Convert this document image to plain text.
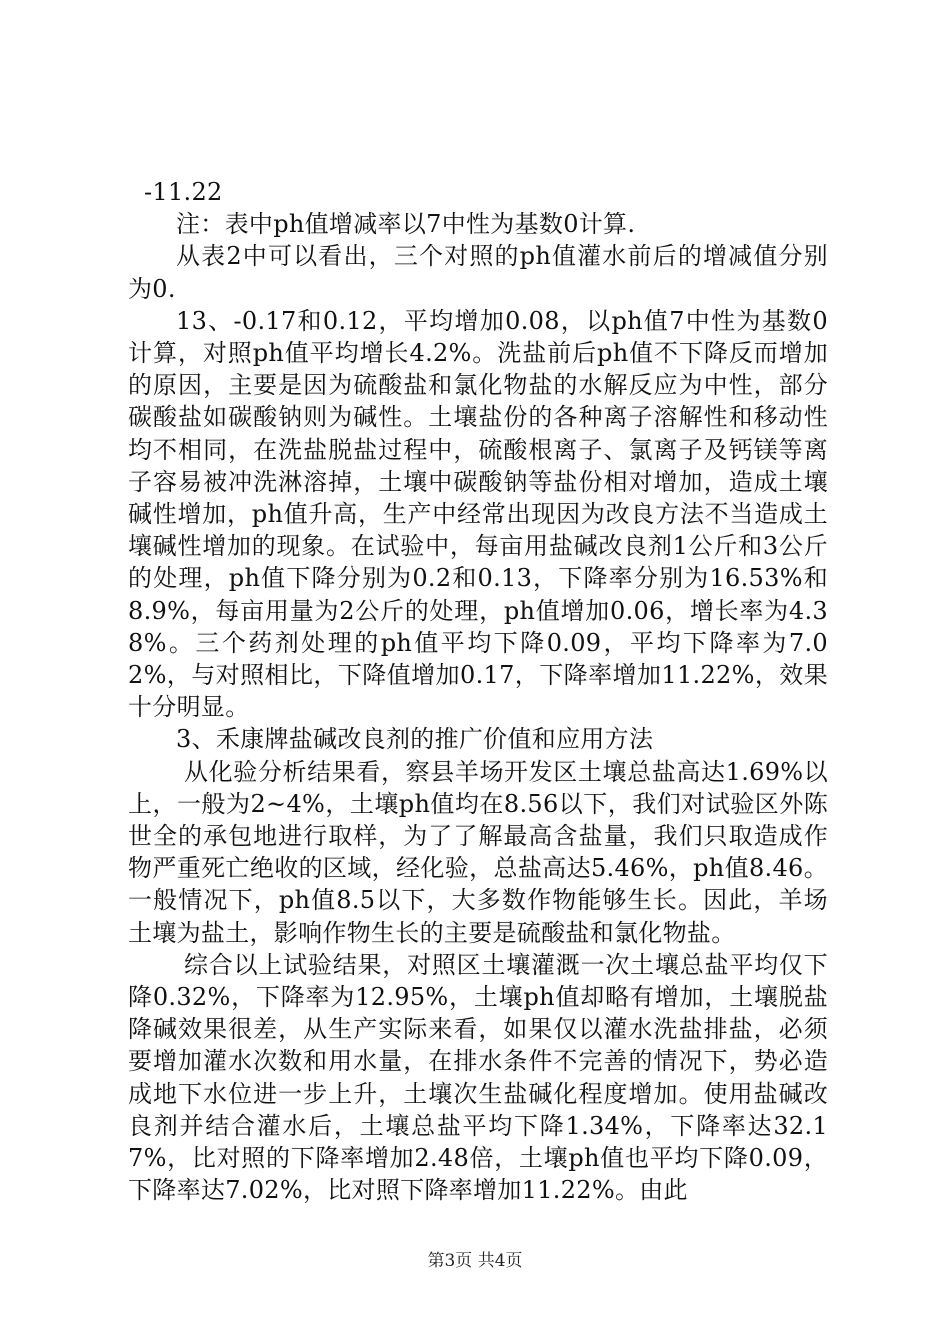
-11.22

注：表中ph值增减率以7中性为基数0计算.

从表2中可以看出，三个对照的ph值灌水前后的增减值分别为0.

13、-0.17和0.12，平均增加0.08，以ph值7中性为基数0计算，对照ph值平均增长4.2%。洗盐前后ph值不下降反而增加的原因，主要是因为硫酸盐和氯化物盐的水解反应为中性，部分碳酸盐如碳酸钠则为碱性。土壤盐份的各种离子溶解性和移动性均不相同，在洗盐脱盐过程中，硫酸根离子、氯离子及钙镁等离子容易被冲洗淋溶掉，土壤中碳酸钠等盐份相对增加，造成土壤碱性增加，ph值升高，生产中经常出现因为改良方法不当造成土壤碱性增加的现象。在试验中，每亩用盐碱改良剂1公斤和3公斤的处理，ph值下降分别为0.2和0.13，下降率分别为16.53%和8.9%，每亩用量为2公斤的处理，ph值增加0.06，增长率为4.38%。三个药剂处理的ph值平均下降0.09，平均下降率为7.02%，与对照相比，下降值增加0.17，下降率增加11.22%，效果十分明显。

3、禾康牌盐碱改良剂的推广价值和应用方法

从化验分析结果看，察县羊场开发区土壤总盐高达1.69%以上，一般为2~4%，土壤ph值均在8.56以下，我们对试验区外陈世全的承包地进行取样，为了了解最高含盐量，我们只取造成作物严重死亡绝收的区域，经化验，总盐高达5.46%，ph值8.46。一般情况下，ph值8.5以下，大多数作物能够生长。因此，羊场土壤为盐土，影响作物生长的主要是硫酸盐和氯化物盐。

综合以上试验结果，对照区土壤灌溉一次土壤总盐平均仅下降0.32%，下降率为12.95%，土壤ph值却略有增加，土壤脱盐降碱效果很差，从生产实际来看，如果仅以灌水洗盐排盐，必须要增加灌水次数和用水量，在排水条件不完善的情况下，势必造成地下水位进一步上升，土壤次生盐碱化程度增加。使用盐碱改良剂并结合灌水后，土壤总盐平均下降1.34%，下降率达32.17%，比对照的下降率增加2.48倍，土壤ph值也平均下降0.09，下降率达7.02%，比对照下降率增加11.22%。由此

第3页 共4页
